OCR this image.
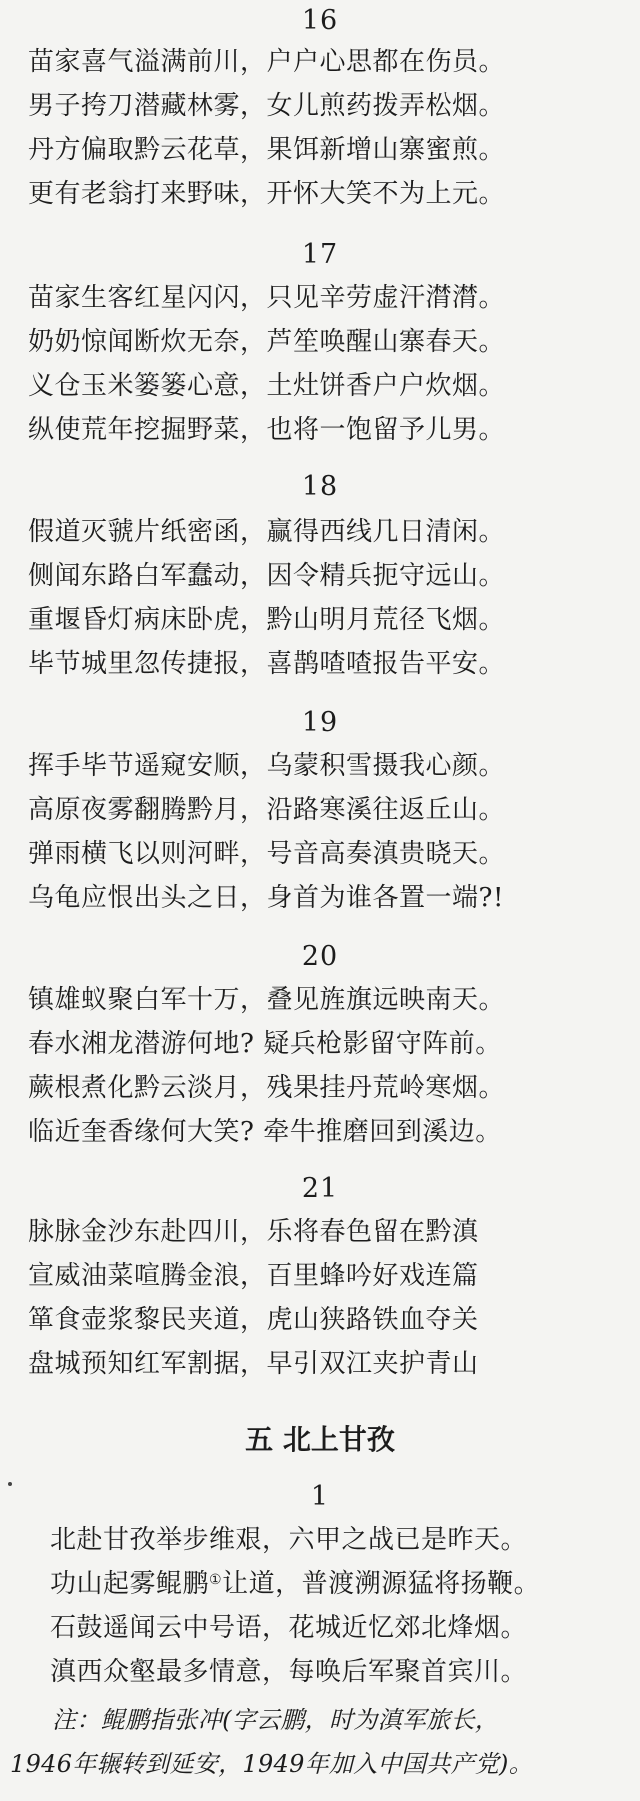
16
苗家喜气溢满前川，户户心思都在伤员。
男子挎刀潜藏林雾，女儿煎药拨弄松烟。
丹方偏取黔云花草，果饵新增山寨蜜煎。
更有老翁打来野味，开怀大笑不为上元。
17
苗家生客红星闪闪，只见辛劳虚汗潸潸。
奶奶惊闻断炊无奈，芦笙唤醒山寨春天。
义仓玉米篓篓心意，土灶饼香户户炊烟。
纵使荒年挖掘野菜，也将一饱留予儿男。
18
假道灭虢片纸密函，赢得西线几日清闲。
侧闻东路白军蠢动，因令精兵扼守远山。
重堰昏灯病床卧虎，黔山明月荒径飞烟。
毕节城里忽传捷报，喜鹊喳喳报告平安。
19
挥手毕节遥窥安顺，乌蒙积雪摄我心颜。
高原夜雾翻腾黔月，沿路寒溪往返丘山。
弹雨横飞以则河畔，号音高奏滇贵晓天。
乌龟应恨出头之日，身首为谁各置一端?!
20
镇雄蚁聚白军十万，叠见旌旗远映南天。
春水湘龙潜游何地? 疑兵枪影留守阵前。
蕨根煮化黔云淡月，残果挂丹荒岭寒烟。
临近奎香缘何大笑? 牵牛推磨回到溪边。
21
脉脉金沙东赴四川，乐将春色留在黔滇
宣威油菜喧腾金浪，百里蜂吟好戏连篇
箪食壶浆黎民夹道，虎山狭路铁血夺关
盘城预知红军割据，早引双江夹护青山
五 北上甘孜
1
北赴甘孜举步维艰，六甲之战已是昨天。
功山起雾鲲鹏①让道，普渡溯源猛将扬鞭。
石鼓遥闻云中号语，花城近忆郊北烽烟。
滇西众壑最多情意，每唤后军聚首宾川。
注：鲲鹏指张冲(字云鹏，时为滇军旅长，
1946年辗转到延安，1949年加入中国共产党)。
